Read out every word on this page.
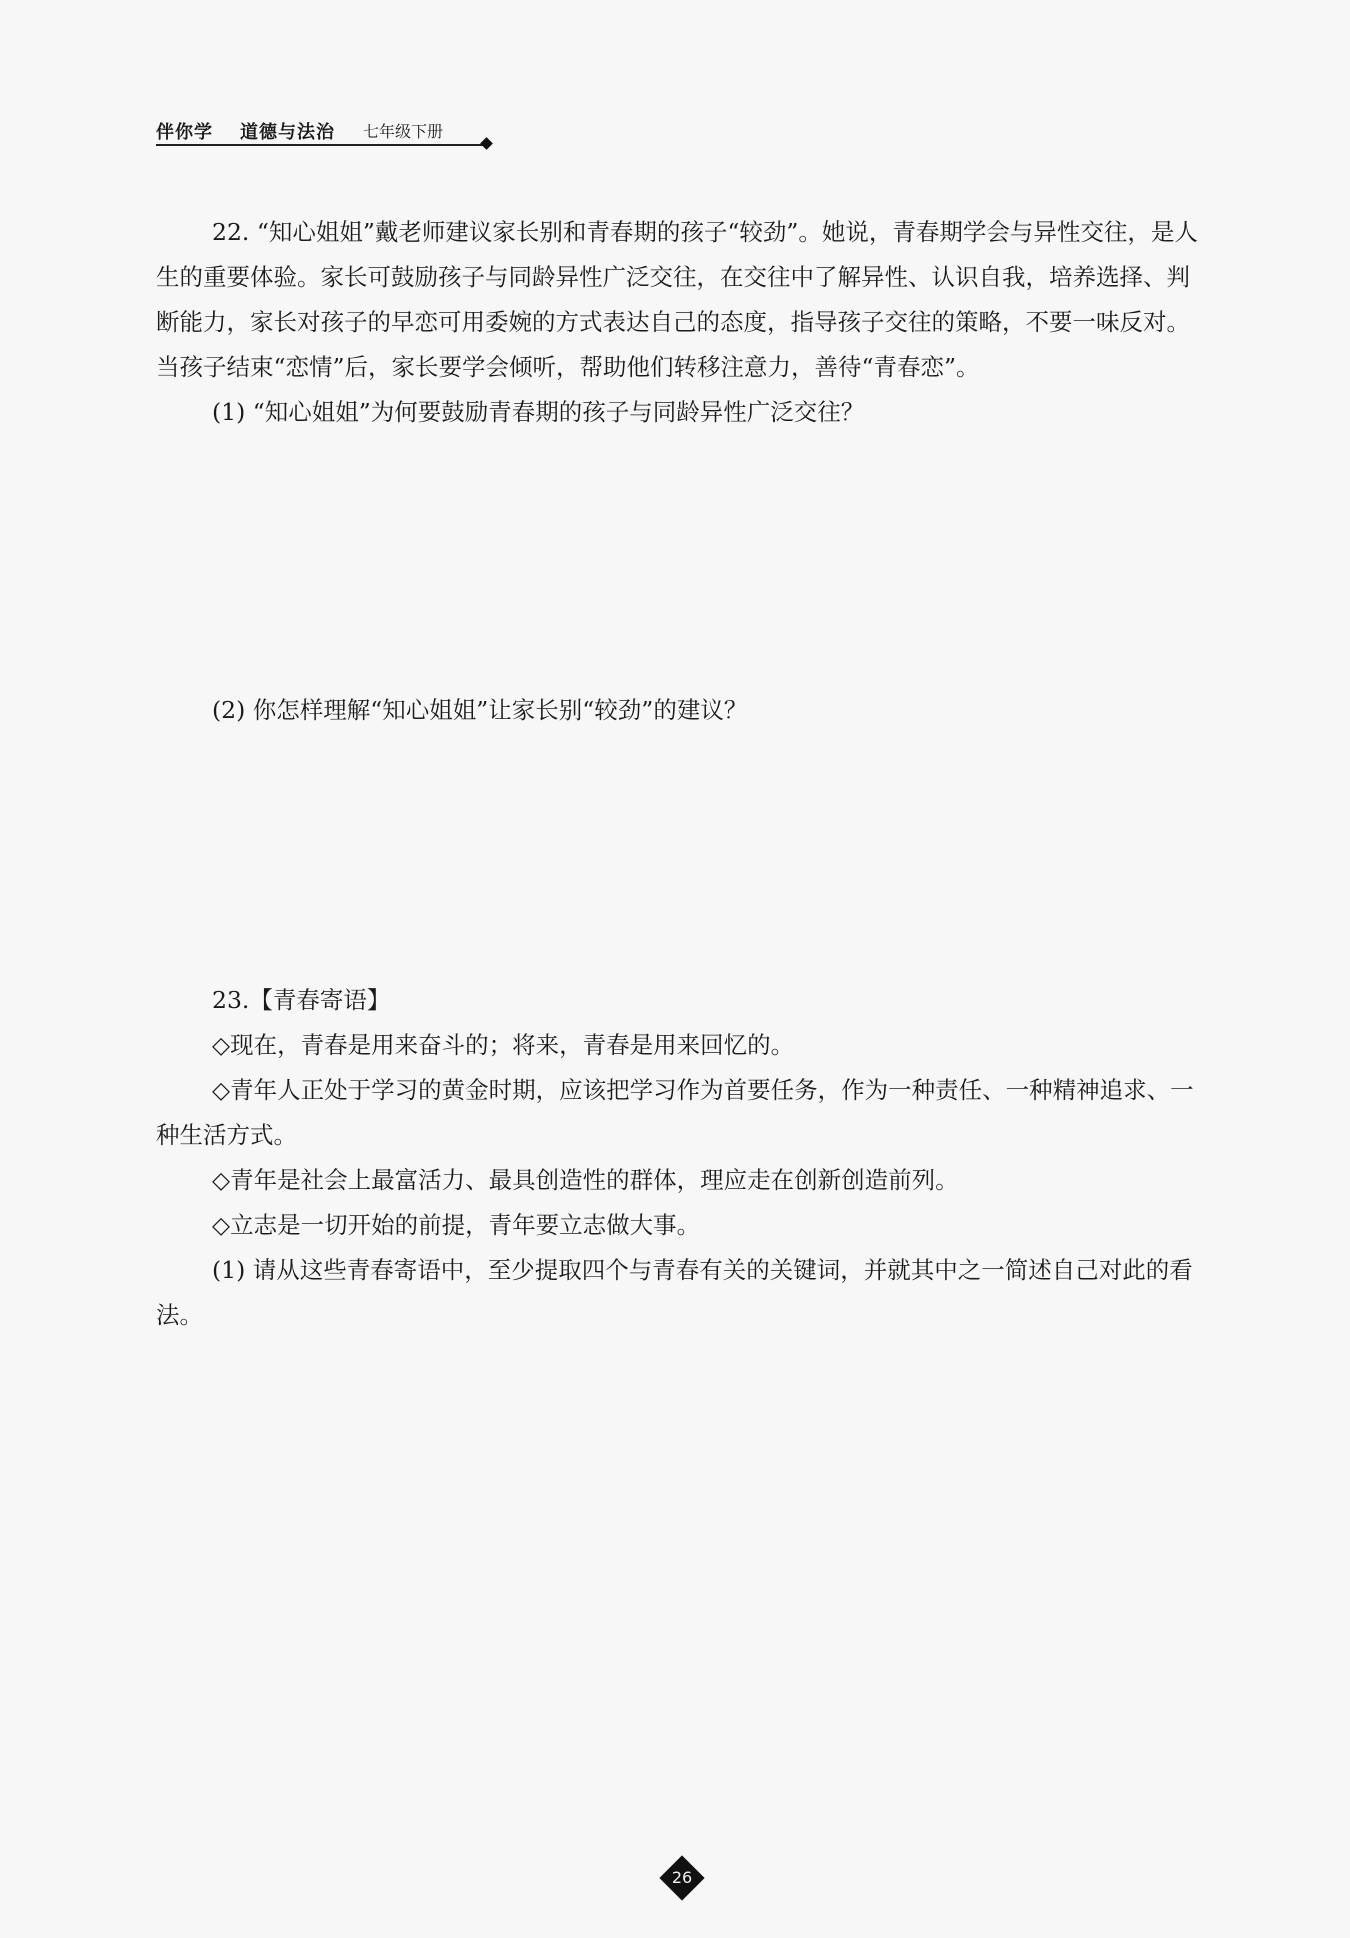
伴你学 道德与法治 七年级下册

22. “知心姐姐”戴老师建议家长别和青春期的孩子“较劲”。她说，青春期学会与异性交往，是人生的重要体验。家长可鼓励孩子与同龄异性广泛交往，在交往中了解异性、认识自我，培养选择、判断能力，家长对孩子的早恋可用委婉的方式表达自己的态度，指导孩子交往的策略，不要一味反对。当孩子结束“恋情”后，家长要学会倾听，帮助他们转移注意力，善待“青春恋”。

(1) “知心姐姐”为何要鼓励青春期的孩子与同龄异性广泛交往？

(2) 你怎样理解“知心姐姐”让家长别“较劲”的建议？

23.【青春寄语】

◇现在，青春是用来奋斗的；将来，青春是用来回忆的。

◇青年人正处于学习的黄金时期，应该把学习作为首要任务，作为一种责任、一种精神追求、一种生活方式。

◇青年是社会上最富活力、最具创造性的群体，理应走在创新创造前列。

◇立志是一切开始的前提，青年要立志做大事。

(1) 请从这些青春寄语中，至少提取四个与青春有关的关键词，并就其中之一简述自己对此的看法。

26
